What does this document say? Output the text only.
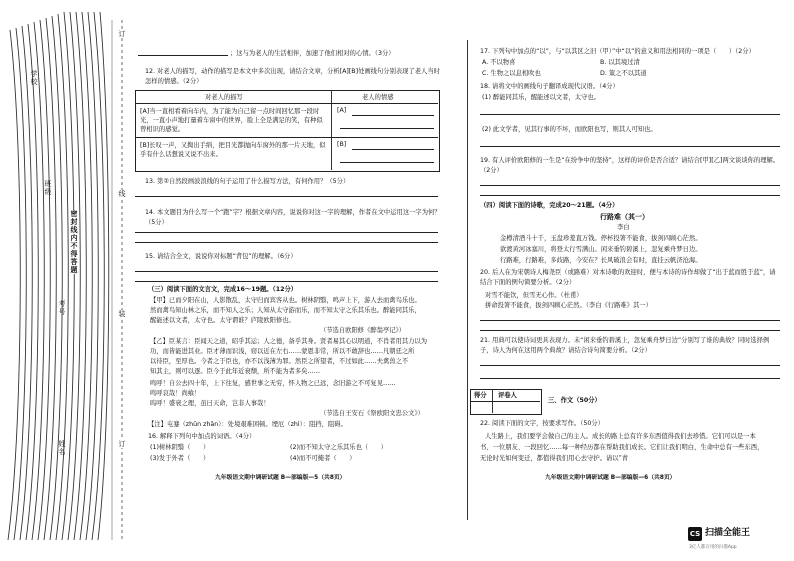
学
校
班
级
考
号
姓
名
密
封
线
内
不
得
答
题
订
线
装
订
；这与为老人的生活相伴，加速了他们相对的心情。（3分）
12. 对老人的描写，动作的描写是本文中多次出现，请结合文章，分析[A][B]处画线句分别表现了老人当时怎样的情感。（2分）
对老人的描写	老人的情感
[A]当一直相看着向车内，为了能为自己留一点时间回忆那一段时光，一直小声地打量着车窗中的世界，脸上全是满足的笑，有种似曾相识的感觉。
[B]长叹一声，又掏出手绢，把目光都抛向车窗外的那一片天地，似乎有什么话想说又说不出来。
[A]
[B]
13. 第②自然段画波浪线的句子运用了什么描写方法，有何作用？（5分）
14. 本文题目为什么写一个“跑”字？根据文章内容，说说你对这一字的理解，作者在文中运用这一字为何？（5分）
15. 请结合全文，说说你对标题“背包”的理解。（6分）
（三）阅读下面的文言文，完成16～19题。（12分）
【甲】已而夕阳在山，人影散乱，太守归而宾客从也。树林阴翳，鸣声上下，游人去而禽鸟乐也。
然而禽鸟知山林之乐，而不知人之乐；人知从太守游而乐，而不知太守之乐其乐也。醉能同其乐，
醒能述以文者，太守也。太守谓谁？庐陵欧阳修也。
（节选自欧阳修《醉翁亭记》）
【乙】臣某言：臣闻天之道，昭乎其运；人之德，备乎其身。贤者易其心以明道，不肖者用其力以为
功，而皆能进其业。臣才薄而识浅，窃以近在左右……蒙恩非常，所以不敢辞也……凡朝廷之所
以待臣，至厚也。今者之于臣也，亦不以浅薄为罪。然臣之所望者，不过如此……夫禽兽之不
知其主，则可以逐。臣今于此年近衰颓，所不能为者多矣……
鸣呼！自公去四十年，上下往复，感世事之无穷，怀人物之已远，念旧游之不可复见……
鸣呼哀哉！尚飨！
呜呼！盛衰之理，虽曰天命，岂非人事哉！
（节选自王安石《祭欧阳文忠公文》）
【注】屯蹇（zhūn zhān）：处境艰难困顿。堙厄（zhì）：阻挡，阻碍。
16. 解释下列句中加点的词语。（4分）
(1)树林阴翳（　　）	(2)而不知太守之乐其乐也（　　）
(3)发于外者（　　）	(4)而不可掩者（　　）
九年级语文期中调研试题 B—部编版—5（共8页）
17. 下列句中加点的“以”，与“以其区之旧（甲）”中“以”的意义和用法相同的一项是（　　）（2分）
A. 不以物喜	B. 以其境过清
C. 生物之以息相吹也	D. 策之不以其道
18. 请将文中的画线句子翻译成现代汉语。（4分）
(1) 醉能同其乐，醒能述以文者，太守也。
(2) 此文学者，见其行事的不坏，而欧阳也写，则其人可知也。
19. 有人评价欧阳修的一生是“在纷争中的坚持”，这样的评价是否合适？请结合[甲][乙]两文谈谈你的理解。（2分）
（四）阅读下面的诗歌，完成20～21题。（4分）
行路难（其一）
李白
金樽清酒斗十千，玉盘珍羞直万钱。停杯投箸不能食，拔剑四顾心茫然。
欲渡黄河冰塞川，将登太行雪满山。闲来垂钓碧溪上，忽复乘舟梦日边。
行路难，行路难，多歧路，今安在？长风破浪会有时，直挂云帆济沧海。
20. 后人在为宋朝诗人梅尧臣（或路难）对本诗歌的欢迎时，便与本诗的诗作却做了“出于蓝而胜于蓝”，请结合下面的例句简要分析。（2分）
对雪不能饮，但雪无心作。（杜甫）
拼命投箸不能食，拔剑四顾心茫然。（李白《行路难》其一）
21. 用典可以使诗词更具表现力。未“闲来垂钓碧溪上，忽复乘舟梦日边”分别写了谁的典故？同时选择例子，诗人为何在这用两个典故？请结合诗句简要分析。（2分）
得分 评卷人
三、作文（50分）
22. 阅读下面的文字，按要求写作。（50分）
人生路上，我们要学会做自己的主人。成长的路上总有许多东西值得我们去珍惜。它们可以是一本
书、一位朋友、一段回忆……每一种经历都在帮助我们成长。它们让我们明白，生命中总有一些东西，
无论时光如何变迁，都值得我们用心去守护。请以“青
九年级语文期中调研试题 B—部编版—6（共8页）
CS 扫描全能王
3亿人都在用的扫描App
